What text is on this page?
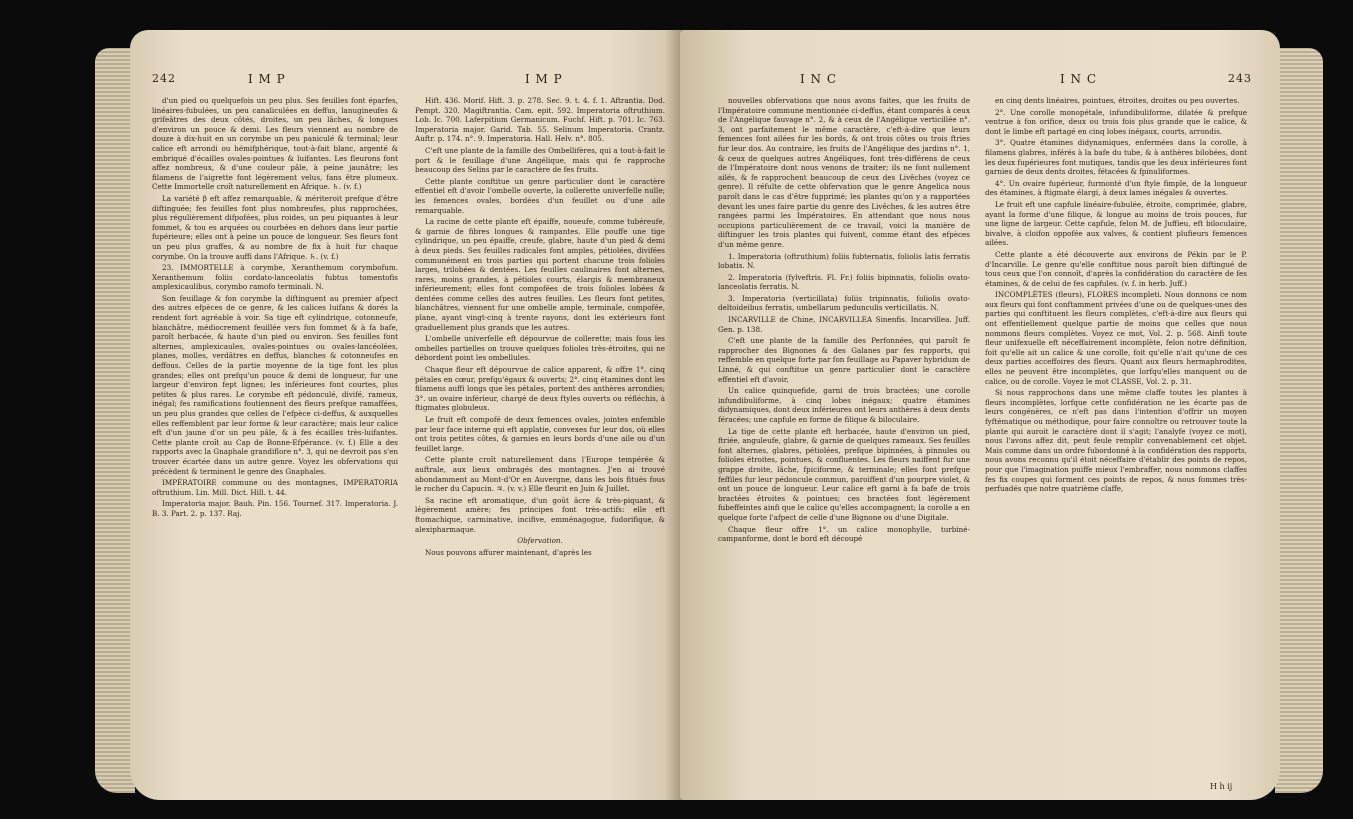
242	I M P	I M P

d'un pied ou quelquefois un peu plus. Ses feuilles font éparfes, linéaires-fubulées, un peu canaliculées en deffus, lanugineufes & grifeâtres des deux côtés, droites, un peu lâches, & longues d'environ un pouce & demi. Les fleurs viennent au nombre de douze à dix-huit en un corymbe un peu paniculé & terminal; leur calice eft arrondi ou hémifphérique, tout-à-fait blanc, argenté & embriqué d'écailles ovales-pointues & luifantes. Les fleurons font affez nombreux, & d'une couleur pâle, à peine jaunâtre; les filamens de l'aigrette font légèrement velus, fans être plumeux. Cette Immortelle croît naturellement en Afrique. ♄. (v. f.)

La variété β eft affez remarquable, & mériteroit prefque d'être diftinguée; fes feuilles font plus nombreufes, plus rapprochées, plus régulièrement difpofées, plus roides, un peu piquantes à leur fommet, & tou es arquées ou courbées en dehors dans leur partie fupérieure; elles ont à peine un pouce de longueur. Ses fleurs font un peu plus graffes, & au nombre de fix à huit fur chaque corymbe. On la trouve auffi dans l'Afrique. ♄. (v. f.)

23. IMMORTELLE à corymbe, Xeranthemum corymbofum. Xeranthemum foliis cordato-lanceolatis fubtus tomentofis amplexicaulibus, corymbo ramofo terminali. N.

Son feuillage & fon corymbe la diftinguent au premier afpect des autres efpèces de ce genre, & les calices luifans & dorés la rendent fort agréable à voir. Sa tige eft cylindrique, cotonneufe, blanchâtre, médiocrement feuillée vers fon fommet & à fa bafe, paroît herbacée, & haute d'un pied ou environ. Ses feuilles font alternes, amplexicaules, ovales-pointues ou ovales-lancéolées, planes, molles, verdâtres en deffus, blanches & cotonneufes en deffous. Celles de la partie moyenne de la tige font les plus grandes; elles ont prefqu'un pouce & demi de longueur, fur une largeur d'environ fept lignes; les inférieures font courtes, plus petites & plus rares. Le corymbe eft pédonculé, divifé, rameux, inégal; fes ramifications foutiennent des fleurs prefque ramaffées, un peu plus grandes que celles de l'efpèce ci-deffus, & auxquelles elles reffemblent par leur forme & leur caractère; mais leur calice eft d'un jaune d'or un peu pâle, & à fes écailles très-luifantes. Cette plante croît au Cap de Bonne-Efpérance. (v. f.) Elle a des rapports avec la Gnaphale grandiflore n°. 3, qui ne devroit pas s'en trouver écartée dans un autre genre. Voyez les obfervations qui précèdent & terminent le genre des Gnaphales.

IMPÉRATOIRE commune ou des montagnes, IMPERATORIA oftruthium. Lin. Mill. Dict. Hill. t. 44.

Imperatoria major. Bauh. Pin. 156. Tournef. 317. Imperatoria. J. B. 3. Part. 2. p. 137. Raj.

Hift. 436. Morif. Hift. 3. p. 278. Sec. 9. t. 4. f. 1. Aftrantia. Dod. Pempt. 320. Magiftrantia. Cam. epit. 592. Imperatoria oftruthium. Lob. Ic. 700. Laferpitium Germanicum. Fuchf. Hift. p. 701. Ic. 763. Imperatoria major. Garid. Tab. 55. Selinum Imperatoria. Crantz. Auftr. p. 174. n°. 9. Imperatoria. Hall. Helv. n°. 805.

C'eft une plante de la famille des Ombellifères, qui a tout-à-fait le port & le feuillage d'une Angélique, mais qui fe rapproche beaucoup des Selins par le caractère de fes fruits.

Cette plante conftitue un genre particulier dont le caractère effentiel eft d'avoir l'ombelle ouverte, la collerette univerfelle nulle; les femences ovales, bordées d'un feuillet ou d'une aile remarquable.

La racine de cette plante eft épaiffe, noueufe, comme tubéreufe, & garnie de fibres longues & rampantes. Elle pouffe une tige cylindrique, un peu épaiffe, creufe, glabre, haute d'un pied & demi à deux pieds. Ses feuilles radicales font amples, pétiolées, divifées communément en trois parties qui portent chacune trois folioles larges, trilobées & dentées. Les feuilles caulinaires font alternes, rares, moins grandes, à pétioles courts, élargis & membraneux inférieurement; elles font compofées de trois folioles lobées & dentées comme celles des autres feuilles. Les fleurs font petites, blanchâtres, viennent fur une ombelle ample, terminale, compofée, plane, ayant vingt-cinq à trente rayons, dont les extérieurs font graduellement plus grands que les autres.

L'ombelle univerfelle eft dépourvue de collerette; mais fous les ombelles partielles on trouve quelques folioles très-étroites, qui ne débordent point les ombellules.

Chaque fleur eft dépourvue de calice apparent, & offre 1°. cinq pétales en cœur, prefqu'égaux & ouverts; 2°. cinq étamines dont les filamens auffi longs que les pétales, portent des anthères arrondies; 3°. un ovaire inférieur, chargé de deux ftyles ouverts ou réfléchis, à ftigmates globuleux.

Le fruit eft compofé de deux femences ovales, jointes enfemble par leur face interne qui eft applatie, convexes fur leur dos, où elles ont trois petites côtes, & garnies en leurs bords d'une aile ou d'un feuillet large.

Cette plante croît naturellement dans l'Europe tempérée & auftrale, aux lieux ombragés des montagnes. J'en ai trouvé abondamment au Mont-d'Or en Auvergne, dans les bois fitués fous le rocher du Capucin. ♃. (v. v.) Elle fleurit en Juin & Juillet.

Sa racine eft aromatique, d'un goût âcre & très-piquant, & légèrement amère; fes principes font très-actifs: elle eft ftomachique, carminative, incifive, emménagogue, fudorifique, & alexipharmaque.

Obfervation.

Nous pouvons affurer maintenant, d'après les

I N C	I N C	243

nouvelles obfervations que nous avons faites, que les fruits de l'Impératoire commune mentionnée ci-deffus, étant comparés à ceux de l'Angélique fauvage n°. 2, & à ceux de l'Angélique verticillée n°. 3, ont parfaitement le même caractère, c'eft-à-dire que leurs femences font ailées fur les bords, & ont trois côtes ou trois ftries fur leur dos. Au contraire, les fruits de l'Angélique des jardins n°. 1, & ceux de quelques autres Angéliques, font très-différens de ceux de l'Impératoire dont nous venons de traiter; ils ne font nullement ailés, & fe rapprochent beaucoup de ceux des Livêches (voyez ce genre). Il réfulte de cette obfervation que le genre Angelica nous paroît dans le cas d'être fupprimé; les plantes qu'on y a rapportées devant les unes faire partie du genre des Livêches, & les autres être rangées parmi les Impératoires. En attendant que nous nous occupions particulièrement de ce travail, voici la manière de diftinguer les trois plantes qui fuivent, comme étant des efpèces d'un même genre.

1. Imperatoria (oftruthium) foliis fubternatis, foliolis latis ferratis lobatis. N.

2. Imperatoria (fylveftris. Fl. Fr.) foliis bipinnatis, foliolis ovato-lanceolatis ferratis. N.

3. Imperatoria (verticillata) foliis tripinnatis, foliolis ovato-deltoideibus ferratis, umbellarum pedunculis verticillatis. N.

INCARVILLE de Chine, INCARVILLEA Sinenfis. Incarvillea. Juff. Gen. p. 138.

C'eft une plante de la famille des Perfonnées, qui paroît fe rapprocher des Bignones & des Galanes par fes rapports, qui reffemble en quelque forte par fon feuillage au Papaver hybridum de Linné, & qui conftitue un genre particulier dont le caractère effentiel eft d'avoir,

Un calice quinquefide, garni de trois bractées; une corolle infundibuliforme, à cinq lobes inégaux; quatre étamines didynamiques, dont deux inférieures ont leurs anthères à deux dents féracées; une capfule en forme de filique & biloculaire.

La tige de cette plante eft herbacée, haute d'environ un pied, ftriée, anguleufe, glabre, & garnie de quelques rameaux. Ses feuilles font alternes, glabres, pétiolées, prefque bipinnées, à pinnules ou folioles étroites, pointues, & confluentes. Les fleurs naiffent fur une grappe droite, lâche, fpiciforme, & terminale; elles font prefque feffiles fur leur pédoncule commun, paroiffent d'un pourpre violet, & ont un pouce de longueur. Leur calice eft garni à fa bafe de trois bractées étroites & pointues; ces bractées font légèrement fubeffeintes ainfi que le calice qu'elles accompagnent; la corolle a en quelque forte l'afpect de celle d'une Bignone ou d'une Digitale.

Chaque fleur offre 1°. un calice monophylle, turbiné-campanforme, dont le bord eft découpé

en cinq dents linéaires, pointues, étroites, droites ou peu ouvertes.

2°. Une corolle monopétale, infundibuliforme, dilatée & prefque ventrue à fon orifice, deux ou trois fois plus grande que le calice, & dont le limbe eft partagé en cinq lobes inégaux, courts, arrondis.

3°. Quatre étamines didynamiques, enfermées dans la corolle, à filamens glabres, inférés à la bafe du tube, & à anthères bilobées, dont les deux fupérieures font mutiques, tandis que les deux inférieures font garnies de deux dents droites, fétacées & fpinuliformes.

4°. Un ovaire fupérieur, furmonté d'un ftyle fimple, de la longueur des étamines, à ftigmate élargi, à deux lames inégales & ouvertes.

Le fruit eft une capfule linéaire-fubulée, étroite, comprimée, glabre, ayant la forme d'une filique, & longue au moins de trois pouces, fur une ligne de largeur. Cette capfule, felon M. de Juffieu, eft biloculaire, bivalve, à cloifon oppofée aux valves, & contient plufieurs femences ailées.

Cette plante a été découverte aux environs de Pékin par le P. d'Incarville. Le genre qu'elle conftitue nous paroît bien diftingué de tous ceux que l'on connoît, d'après la confidération du caractère de fes étamines, & de celui de fes capfules. (v. f. in herb. Juff.)

INCOMPLÈTES (fleurs), FLORES incompleti. Nous donnons ce nom aux fleurs qui font conftamment privées d'une ou de quelques-unes des parties qui conftituent les fleurs complètes, c'eft-à-dire aux fleurs qui ont effentiellement quelque partie de moins que celles que nous nommons fleurs complètes. Voyez ce mot, Vol. 2. p. 568. Ainfi toute fleur unifexuelle eft néceffairement incomplète, felon notre définition, foit qu'elle ait un calice & une corolle, foit qu'elle n'ait qu'une de ces deux parties acceffoires des fleurs. Quant aux fleurs hermaphrodites, elles ne peuvent être incomplètes, que lorfqu'elles manquent ou de calice, ou de corolle. Voyez le mot CLASSE, Vol. 2. p. 31.

Si nous rapprochons dans une même claffe toutes les plantes à fleurs incomplètes, lorfque cette confidération ne les écarte pas de leurs congénères, ce n'eft pas dans l'intention d'offrir un moyen fyftématique ou méthodique, pour faire connoître ou retrouver toute la plante qui auroit le caractère dont il s'agit; l'analyfe (voyez ce mot), nous l'avons affez dit, peut feule remplir convenablement cet objet. Mais comme dans un ordre fubordonné à la confidération des rapports, nous avons reconnu qu'il étoit néceffaire d'établir des points de repos, pour que l'imagination puiffe mieux l'embraffer, nous nommons claffes fes fix coupes qui forment ces points de repos, & nous fommes très-perfuadés que notre quatrième claffe,

H h ij
